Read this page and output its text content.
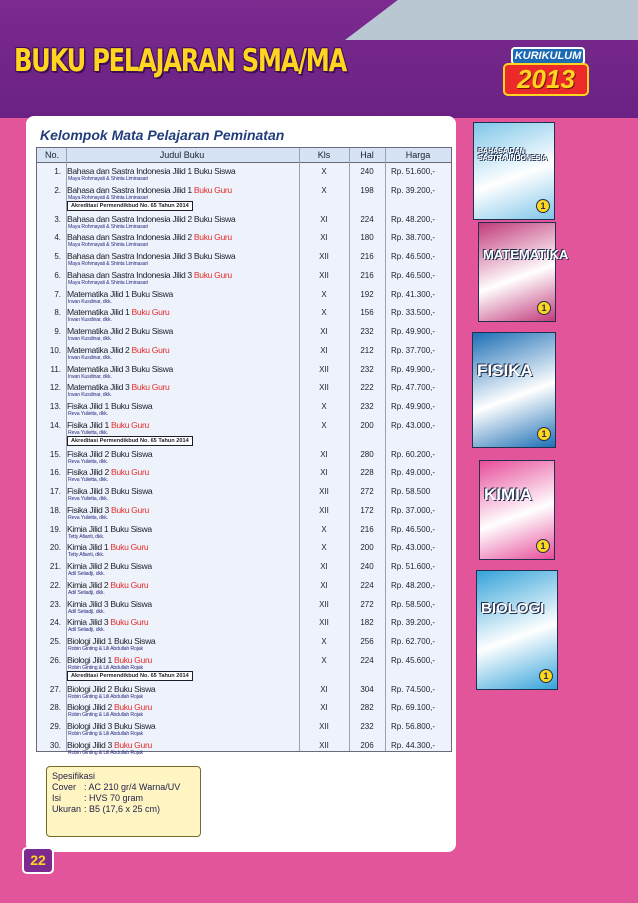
BUKU PELAJARAN SMA/MA	KURIKULUM
2013
Kelompok Mata Pelajaran Peminatan
No.	Judul Buku	Kls	Hal	Harga
1. Bahasa dan Sastra Indonesia Jilid 1 Buku Siswa
Maya Rohmayati & Shinta Liminasari
X	240	Rp. 51.600,-
2. Bahasa dan Sastra Indonesia Jilid 1 Buku Guru
Maya Rohmayati & Shinta Liminasari
X	198	Rp. 39.200,-
Akreditasi Permendikbud No. 65 Tahun 2014
3. Bahasa dan Sastra Indonesia Jilid 2 Buku Siswa
Maya Rohmayati & Shinta Liminasari
XI	224	Rp. 48.200,-
4. Bahasa dan Sastra Indonesia Jilid 2 Buku Guru
Maya Rohmayati & Shinta Liminasari
XI	180	Rp. 38.700,-
5. Bahasa dan Sastra Indonesia Jilid 3 Buku Siswa
Maya Rohmayati & Shinta Liminasari
XII	216	Rp. 46.500,-
6. Bahasa dan Sastra Indonesia Jilid 3 Buku Guru
Maya Rohmayati & Shinta Liminasari
XII	216	Rp. 46.500,-
7. Matematika Jilid 1 Buku Siswa
Irwan Kusdinar, dkk.
X	192	Rp. 41.300,-
8. Matematika Jilid 1 Buku Guru
Irwan Kusdinar, dkk.
X	156	Rp. 33.500,-
9. Matematika Jilid 2 Buku Siswa
Irwan Kusdinar, dkk.
XI	232	Rp. 49.900,-
10. Matematika Jilid 2 Buku Guru
Irwan Kusdinar, dkk.
XI	212	Rp. 37.700,-
11. Matematika Jilid 3 Buku Siswa
Irwan Kusdinar, dkk.
XII	232	Rp. 49.900,-
12. Matematika Jilid 3 Buku Guru
Irwan Kusdinar, dkk.
XII	222	Rp. 47.700,-
13. Fisika Jilid 1 Buku Siswa
Reva Yulietta, dkk.
X	232	Rp. 49.900,-
14. Fisika Jilid 1 Buku Guru
Reva Yulietta, dkk.
X	200	Rp. 43.000,-
Akreditasi Permendikbud No. 65 Tahun 2014
15. Fisika Jilid 2 Buku Siswa
Reva Yulietta, dkk.
XI	280	Rp. 60.200,-
16. Fisika Jilid 2 Buku Guru
Reva Yulietta, dkk.
XI	228	Rp. 49.000,-
17. Fisika Jilid 3 Buku Siswa
Reva Yulietta, dkk.
XII	272	Rp. 58.500
18. Fisika Jilid 3 Buku Guru
Reva Yulietta, dkk.
XII	172	Rp. 37.000,-
19. Kimia Jilid 1 Buku Siswa
Tetty Afianti, dkk.
X	216	Rp. 46.500,-
20. Kimia Jilid 1 Buku Guru
Tetty Afianti, dkk.
X	200	Rp. 43.000,-
21. Kimia Jilid 2 Buku Siswa
Adil Setiadji, dkk.
XI	240	Rp. 51.600,-
22. Kimia Jilid 2 Buku Guru
Adil Setiadji, dkk.
XI	224	Rp. 48.200,-
23. Kimia Jilid 3 Buku Siswa
Adil Setiadji, dkk.
XII	272	Rp. 58.500,-
24. Kimia Jilid 3 Buku Guru
Adil Setiadji, dkk.
XII	182	Rp. 39.200,-
25. Biologi Jilid 1 Buku Siswa
Robin Ginting & Lili Abdullah Rojak
X	256	Rp. 62.700,-
26. Biologi Jilid 1 Buku Guru
Robin Ginting & Lili Abdullah Rojak
X	224	Rp. 45.600,-
Akreditasi Permendikbud No. 65 Tahun 2014
27. Biologi Jilid 2 Buku Siswa
Robin Ginting & Lili Abdullah Rojak
XI	304	Rp. 74.500,-
28. Biologi Jilid 2 Buku Guru
Robin Ginting & Lili Abdullah Rojak
XI	282	Rp. 69.100,-
29. Biologi Jilid 3 Buku Siswa
Robin Ginting & Lili Abdullah Rojak
XII	232	Rp. 56.800,-
30. Biologi Jilid 3 Buku Guru
Robin Ginting & Lili Abdullah Rojak
XII	206	Rp. 44.300,-
Spesifikasi
Cover : AC 210 gr/4 Warna/UV
Isi	: HVS 70 gram
Ukuran : B5 (17,6 x 25 cm)
22
BAHASA DAN SASTRA INDONESIA
1
MATEMATIKA
1
FISIKA
1
KIMIA
1
BIOLOGI
1
